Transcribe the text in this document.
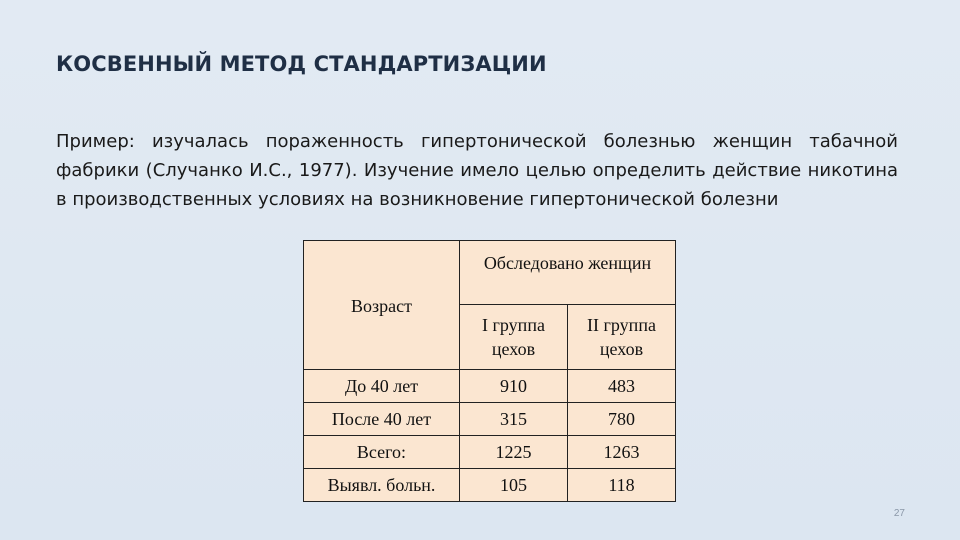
КОСВЕННЫЙ МЕТОД СТАНДАРТИЗАЦИИ
Пример: изучалась пораженность гипертонической болезнью женщин табачной фабрики (Случанко И.С., 1977). Изучение имело целью определить действие никотина в производственных условиях на возникновение гипертонической болезни
Возраст	Обследовано женщин	
	I группа цехов	II группа цехов
До 40 лет	910	483
После 40 лет	315	780
Всего:	1225	1263
Выявл. больн.	105	118
27
